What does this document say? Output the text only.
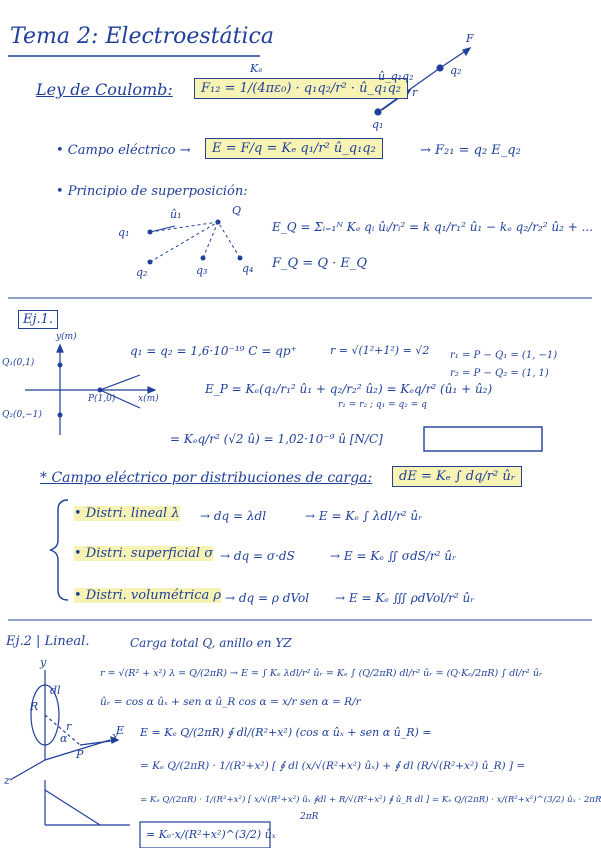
Tema 2: Electroestática
Ley de Coulomb:
Kₑ
F₁₂ = 1/(4πε₀) · q₁q₂/r² · û_q₁q₂
û_q₁q₂
F
q₂
r
q₁
• Campo eléctrico →	E = F/q = Kₑ q₁/r² û_q₁q₂	→ F₂₁ = q₂ E_q₂
• Principio de superposición:
E_Q = Σᵢ₌₁ᴺ Kₑ qᵢ ûᵢ/rᵢ² = k q₁/r₁² û₁ − kₑ q₂/r₂² û₂ + ...
F_Q = Q · E_Q
q₁
Q
q₂	q₃	q₄
û₁
Ej.1.
q₁ = q₂ = 1,6·10⁻¹⁹ C = qp⁺	r = √(1²+1²) = √2 r₁ = P − Q₁ = (1, −1)
r₂ = P − Q₂ = (1, 1)
E_P = Kₑ(q₁/r₁² û₁ + q₂/r₂² û₂) = Kₑq/r² (û₁ + û₂)
r₁ = r₂ ; q₁ = q₂ = q
= Kₑq/r² (√2 û) = 1,02·10⁻⁹ û [N/C]
y(m)
x(m)
Q₁(0,1)
Q₂(0,−1)
P(1,0)
* Campo eléctrico por distribuciones de carga:	dE = Kₑ ∫ dq/r² ûᵣ
• Distri. lineal λ → dq = λdl	→ E = Kₑ ∫ λdl/r² ûᵣ
• Distri. superficial σ → dq = σ·dS	→ E = Kₑ ∬ σdS/r² ûᵣ
• Distri. volumétrica ρ → dq = ρ dVol → E = Kₑ ∭ ρdVol/r² ûᵣ
Ej.2 | Lineal.	Carga total Q, anillo en YZ
r = √(R² + x²) λ = Q/(2πR) → E = ∫ Kₑ λdl/r² ûᵣ = Kₑ ∫ (Q/2πR) dl/r² ûᵣ = (Q·Kₑ/2πR) ∫ dl/r² ûᵣ
ûᵣ = cos α ûₓ + sen α û_R cos α = x/r sen α = R/r
E = Kₑ Q/(2πR) ∮ dl/(R²+x²) (cos α ûₓ + sen α û_R) =
= Kₑ Q/(2πR) · 1/(R²+x²) [ ∮ dl (x/√(R²+x²) ûₓ) + ∮ dl (R/√(R²+x²) û_R) ] =
= Kₑ Q/(2πR) · 1/(R²+x²) [ x/√(R²+x²) ûₓ ∮dl + R/√(R²+x²) ∮ û_R dl ] = Kₑ Q/(2πR) · x/(R²+x²)^(3/2) ûₓ · 2πR
2πR
= Kₑ·x/(R²+x²)^(3/2) ûₓ
z
y
x
R
P
r
α
dl
E
